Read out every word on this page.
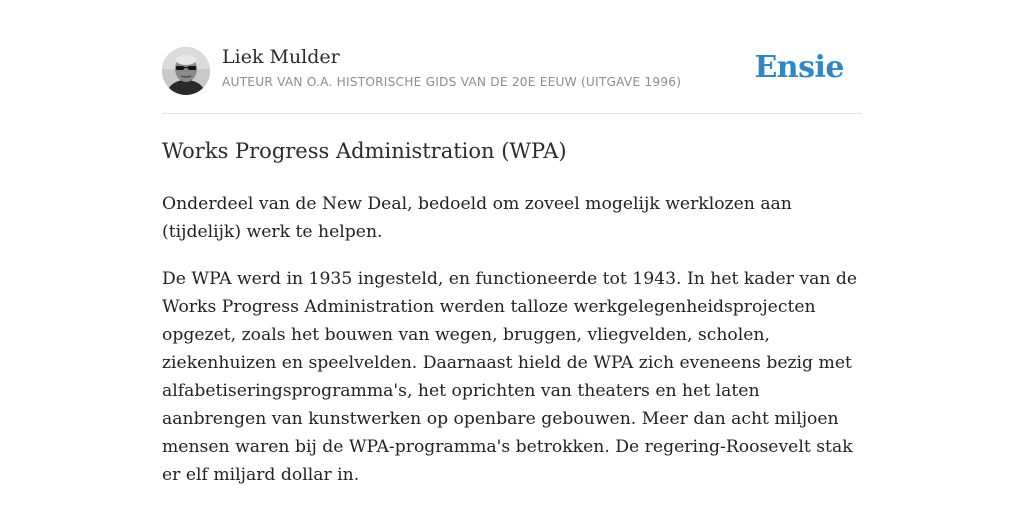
Liek Mulder
AUTEUR VAN O.A. HISTORISCHE GIDS VAN DE 20E EEUW (UITGAVE 1996) Ensie
Works Progress Administration (WPA)

Onderdeel van de New Deal, bedoeld om zoveel mogelijk werklozen aan (tijdelijk) werk te helpen.

De WPA werd in 1935 ingesteld, en functioneerde tot 1943. In het kader van de Works Progress Administration werden talloze werkgelegenheidsprojecten opgezet, zoals het bouwen van wegen, bruggen, vliegvelden, scholen, ziekenhuizen en speelvelden. Daarnaast hield de WPA zich eveneens bezig met alfabetiseringsprogramma's, het oprichten van theaters en het laten aanbrengen van kunstwerken op openbare gebouwen. Meer dan acht miljoen mensen waren bij de WPA-programma's betrokken. De regering-Roosevelt stak er elf miljard dollar in.
